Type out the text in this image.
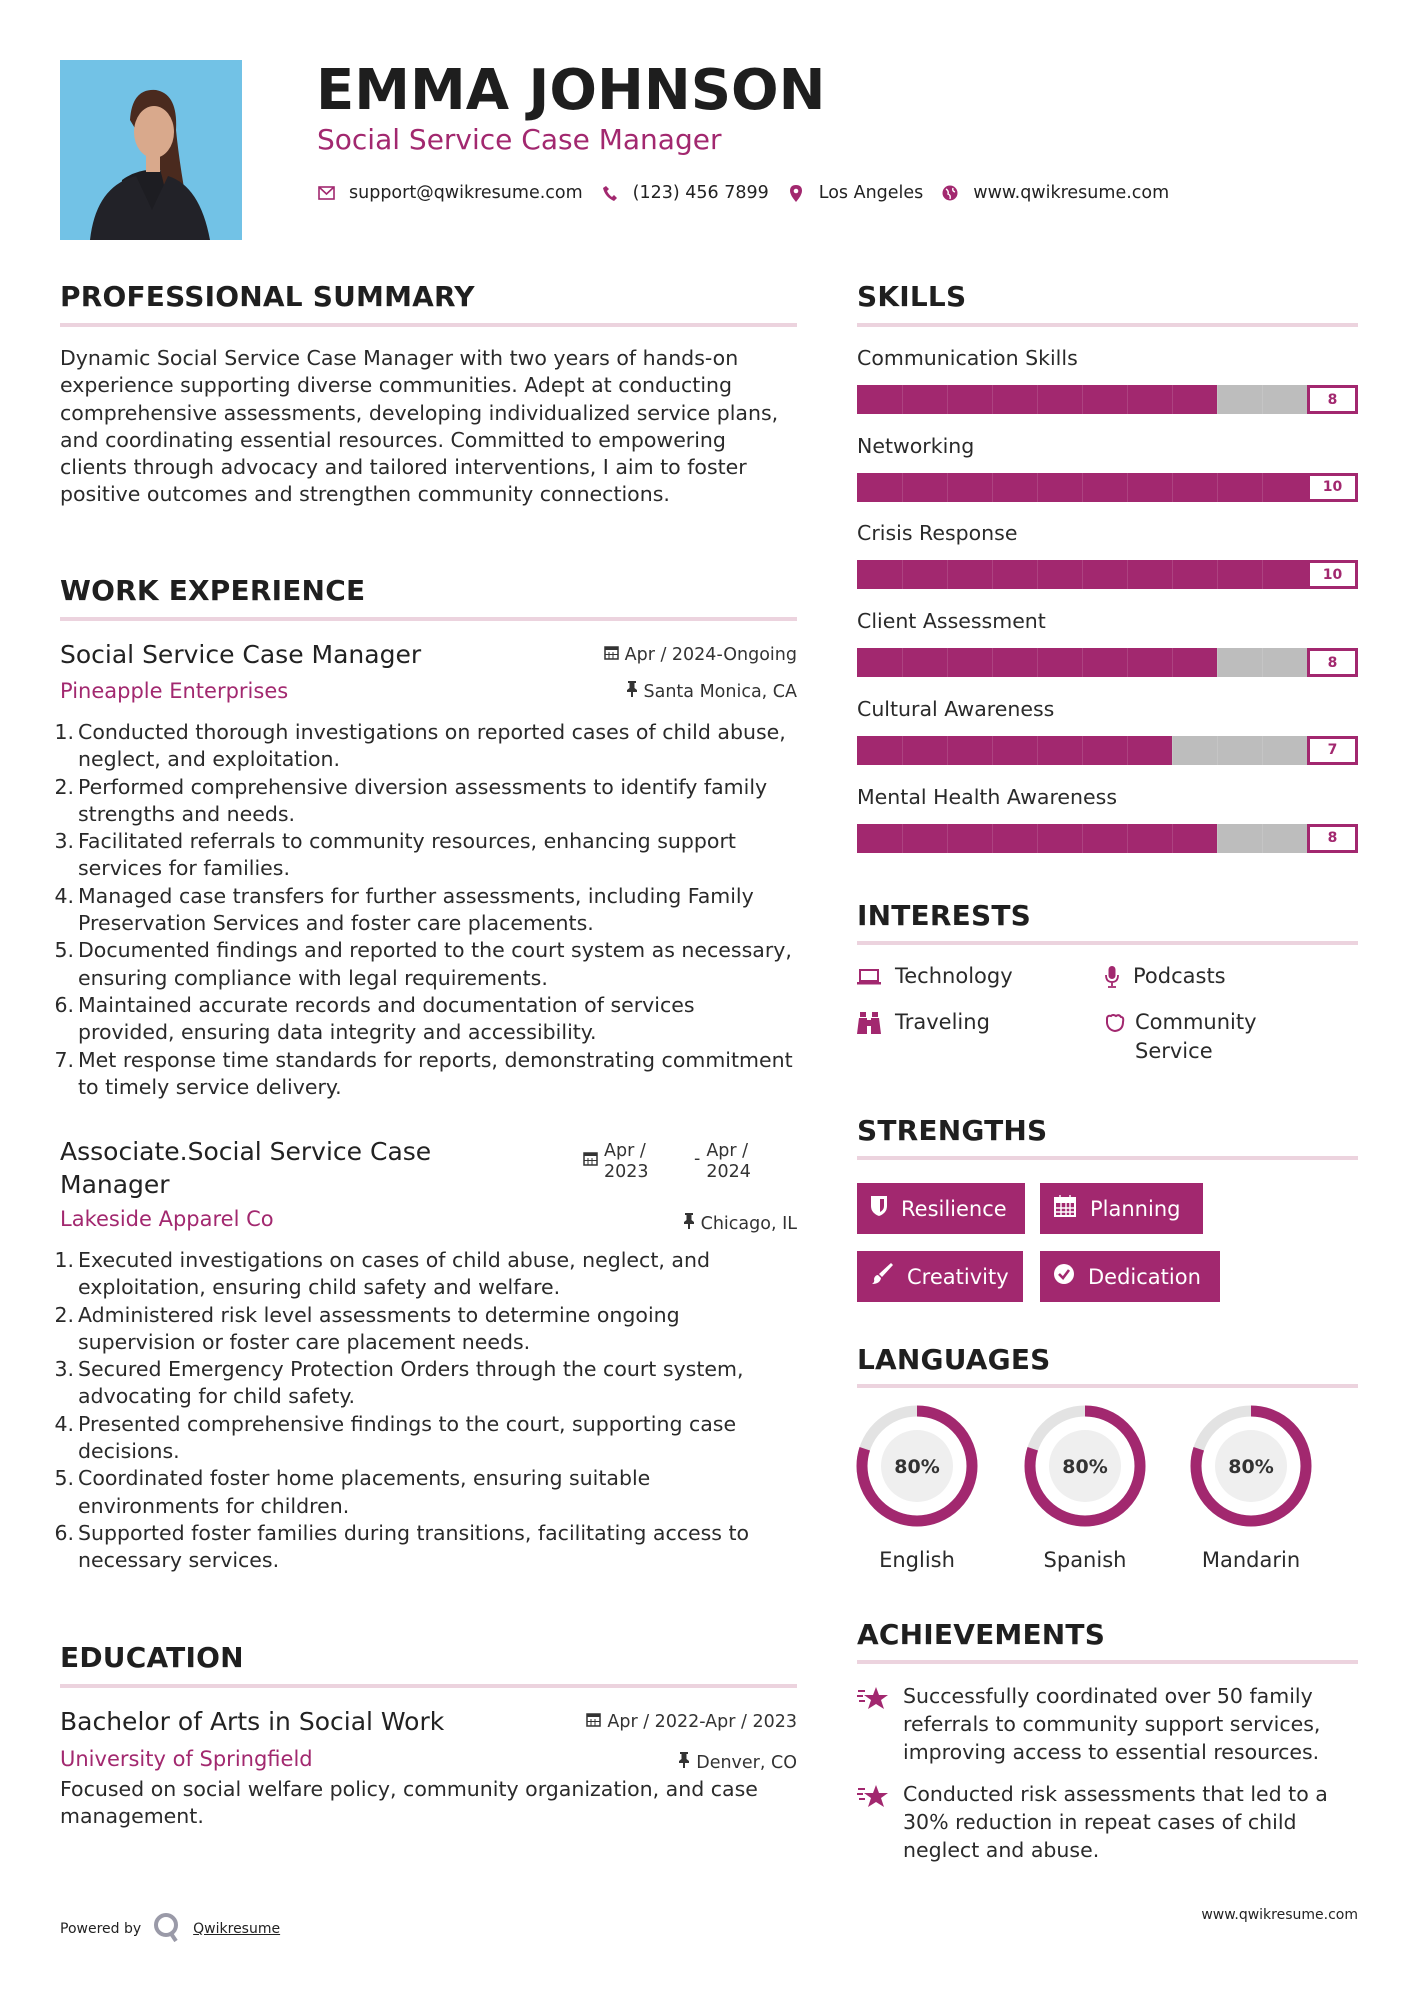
EMMA JOHNSON
Social Service Case Manager
support@qwikresume.com	(123) 456 7899	Los Angeles	www.qwikresume.com
PROFESSIONAL SUMMARY
Dynamic Social Service Case Manager with two years of hands-on experience supporting diverse communities. Adept at conducting comprehensive assessments, developing individualized service plans, and coordinating essential resources. Committed to empowering clients through advocacy and tailored interventions, I aim to foster positive outcomes and strengthen community connections.
WORK EXPERIENCE
Social Service Case Manager	Apr / 2024-Ongoing
Pineapple Enterprises	Santa Monica, CA
1. Conducted thorough investigations on reported cases of child abuse, neglect, and exploitation.
2. Performed comprehensive diversion assessments to identify family strengths and needs.
3. Facilitated referrals to community resources, enhancing support services for families.
4. Managed case transfers for further assessments, including Family Preservation Services and foster care placements.
5. Documented findings and reported to the court system as necessary, ensuring compliance with legal requirements.
6. Maintained accurate records and documentation of services provided, ensuring data integrity and accessibility.
7. Met response time standards for reports, demonstrating commitment to timely service delivery.
Associate.Social Service Case Manager
Apr / 2023
- Apr / 2024
Lakeside Apparel Co	Chicago, IL
1. Executed investigations on cases of child abuse, neglect, and exploitation, ensuring child safety and welfare.
2. Administered risk level assessments to determine ongoing supervision or foster care placement needs.
3. Secured Emergency Protection Orders through the court system, advocating for child safety.
4. Presented comprehensive findings to the court, supporting case decisions.
5. Coordinated foster home placements, ensuring suitable environments for children.
6. Supported foster families during transitions, facilitating access to necessary services.
EDUCATION
Bachelor of Arts in Social Work	Apr / 2022-Apr / 2023
University of Springfield	Denver, CO
Focused on social welfare policy, community organization, and case management.
SKILLS
Communication Skills
8
Networking
10
Crisis Response
10
Client Assessment
8
Cultural Awareness
7
Mental Health Awareness
8
INTERESTS
Technology	Podcasts
Traveling	Community Service
STRENGTHS
Resilience	Planning
Creativity	Dedication
LANGUAGES
80%
English
80%
Spanish
80%
Mandarin
ACHIEVEMENTS
Successfully coordinated over 50 family referrals to community support services, improving access to essential resources.
Conducted risk assessments that led to a 30% reduction in repeat cases of child neglect and abuse.
Powered by	Qwikresume
www.qwikresume.com
